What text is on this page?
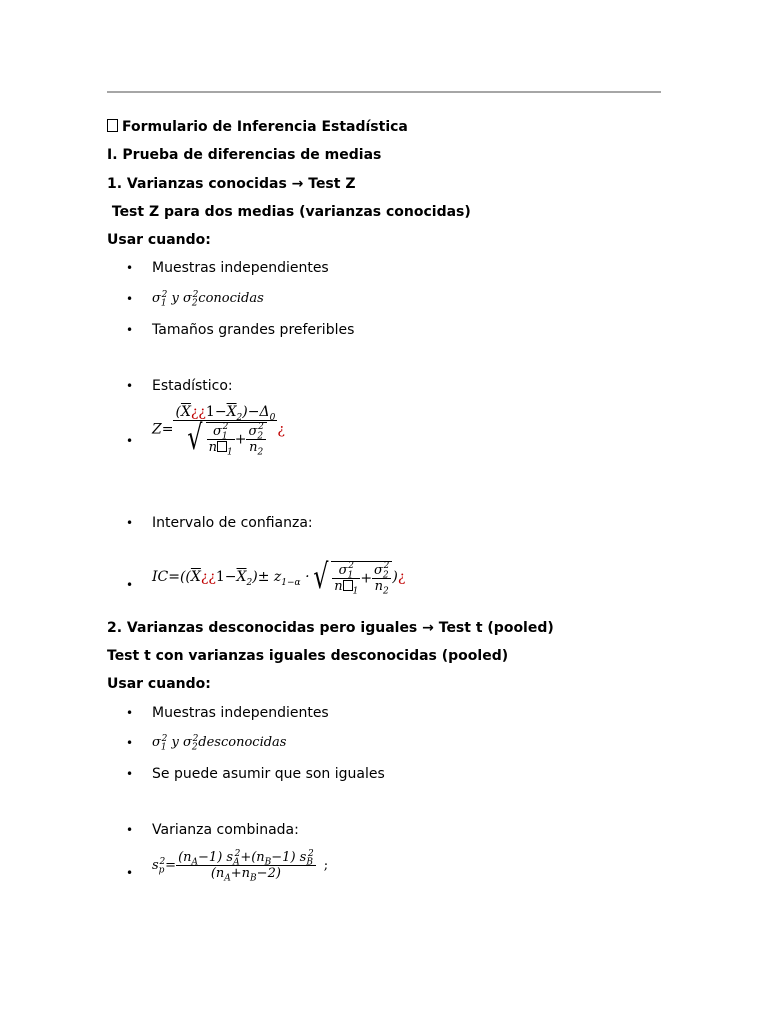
Formulario de Inferencia Estadística
I. Prueba de diferencias de medias
1. Varianzas conocidas → Test Z
Test Z para dos medias (varianzas conocidas)
Usar cuando:
• Muestras independientes
• $\sigma_1^2$ y $\sigma_2^2conocidas$
• Tamaños grandes preferibles
• Estadístico:
•
$Z= \frac{(\overline{X}¿¿1-\overline{X}_2)-\Delta_0}{√ \frac{\sigma_1^2}{n _1} + \frac{\sigma_2^2}{n_2}}$ ¿
• Intervalo de confianza:
• $IC=((\overline{X}¿¿1-\overline{X}_2)\pm z_{1-\alpha}$ ·√ $\frac{\sigma_1^2}{n _1} + \frac{\sigma_2^2}{n_2}$ )¿
2. Varianzas desconocidas pero iguales → Test t (pooled)
Test t con varianzas iguales desconocidas (pooled)
Usar cuando:
• Muestras independientes
• $\sigma_1^2$ y $\sigma_2^2desconocidas$
• Se puede asumir que son iguales
• Varianza combinada:
• $s_p^2= \frac{(n_A-1) s_A^2+(n_B-1) s_B^2}{(n_A+n_B-2)}$ ;
